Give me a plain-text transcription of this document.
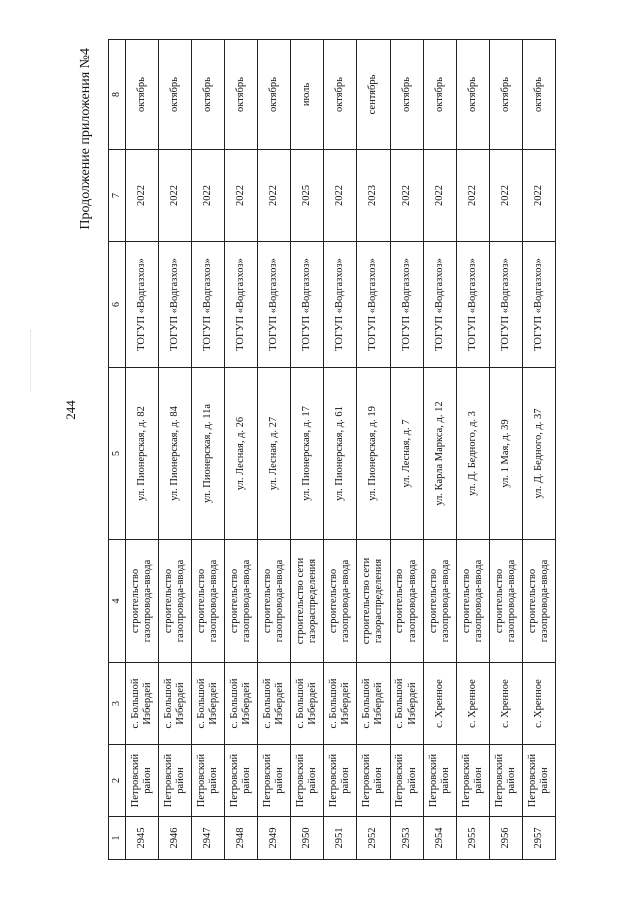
244
Продолжение приложения №4
1	2	3	4	5	6	7	8
2945	Петровский район	с. Большой Избердей	строительство газопровода-ввода	ул. Пионерская, д. 82	ТОГУП «Водгазхоз»	2022	октябрь
2946	Петровский район	с. Большой Избердей	строительство газопровода-ввода	ул. Пионерская, д. 84	ТОГУП «Водгазхоз»	2022	октябрь
2947	Петровский район	с. Большой Избердей	строительство газопровода-ввода	ул. Пионерская, д. 11а	ТОГУП «Водгазхоз»	2022	октябрь
2948	Петровский район	с. Большой Избердей	строительство газопровода-ввода	ул. Лесная, д. 26	ТОГУП «Водгазхоз»	2022	октябрь
2949	Петровский район	с. Большой Избердей	строительство газопровода-ввода	ул. Лесная, д. 27	ТОГУП «Водгазхоз»	2022	октябрь
2950	Петровский район	с. Большой Избердей	строительство сети газораспределения	ул. Пионерская, д. 17	ТОГУП «Водгазхоз»	2025	июль
2951	Петровский район	с. Большой Избердей	строительство газопровода-ввода	ул. Пионерская, д. 61	ТОГУП «Водгазхоз»	2022	октябрь
2952	Петровский район	с. Большой Избердей	строительство сети газораспределения	ул. Пионерская, д. 19	ТОГУП «Водгазхоз»	2023	сентябрь
2953	Петровский район	с. Большой Избердей	строительство газопровода-ввода	ул. Лесная, д. 7	ТОГУП «Водгазхоз»	2022	октябрь
2954	Петровский район	с. Хренное	строительство газопровода-ввода	ул. Карла Маркса, д. 12	ТОГУП «Водгазхоз»	2022	октябрь
2955	Петровский район	с. Хренное	строительство газопровода-ввода	ул. Д. Бедного, д. 3	ТОГУП «Водгазхоз»	2022	октябрь
2956	Петровский район	с. Хренное	строительство газопровода-ввода	ул. 1 Мая, д. 39	ТОГУП «Водгазхоз»	2022	октябрь
2957	Петровский район	с. Хренное	строительство газопровода-ввода	ул. Д. Бедного, д. 37	ТОГУП «Водгазхоз»	2022	октябрь
